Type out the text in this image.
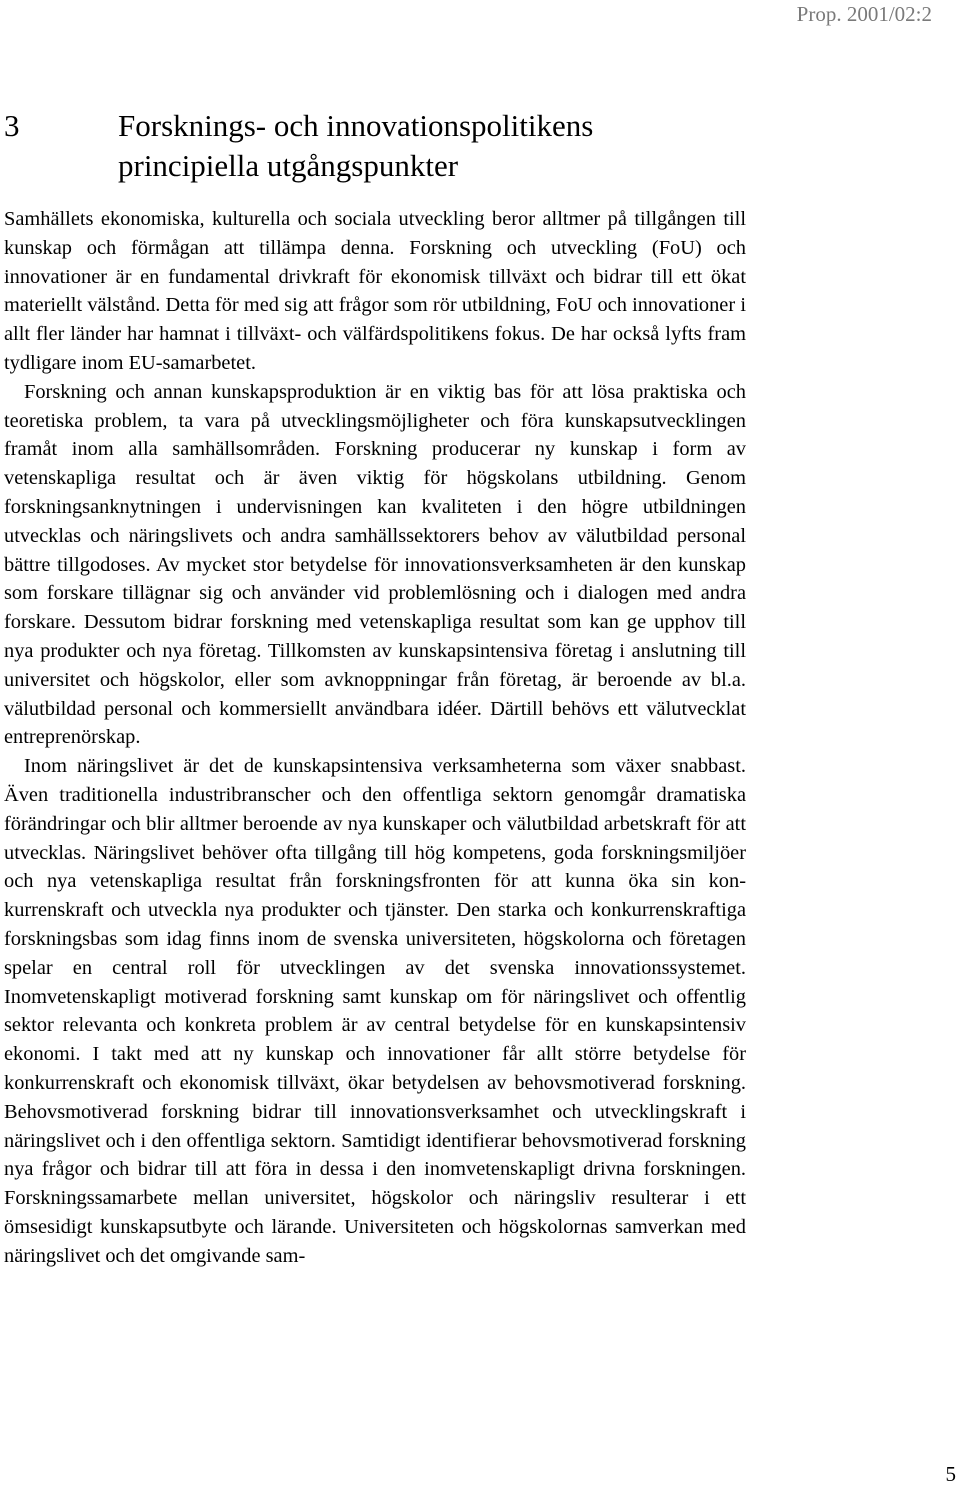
Prop. 2001/02:2
3	Forsknings- och innovationspolitikens
principiella utgångspunkter

Samhällets ekonomiska, kulturella och sociala utveckling beror alltmer på tillgången till kunskap och förmågan att tillämpa denna. Forskning och utveckling (FoU) och innovationer är en fundamental drivkraft för ekonomisk tillväxt och bidrar till ett ökat materiellt välstånd. Detta för med sig att frågor som rör utbildning, FoU och innovationer i allt fler länder har hamnat i tillväxt- och välfärdspolitikens fokus. De har också lyfts fram tydligare inom EU-samarbetet.

Forskning och annan kunskapsproduktion är en viktig bas för att lösa praktiska och teoretiska problem, ta vara på utvecklingsmöjligheter och föra kunskapsutvecklingen framåt inom alla samhällsområden. Forskning producerar ny kunskap i form av vetenskapliga resultat och är även viktig för högskolans utbildning. Genom forskningsanknytningen i undervisningen kan kvaliteten i den högre utbildningen utvecklas och näringslivets och andra samhällssektorers behov av välutbildad personal bättre tillgodoses. Av mycket stor betydelse för innovationsverksamheten är den kunskap som forskare tillägnar sig och använder vid problemlösning och i dialogen med andra forskare. Dessutom bidrar forskning med vetenskapliga resultat som kan ge upphov till nya produkter och nya företag. Tillkomsten av kunskapsintensiva företag i anslutning till universitet och högskolor, eller som avknoppningar från företag, är beroende av bl.a. välutbildad personal och kommersiellt användbara idéer. Därtill behövs ett välutvecklat entreprenörskap.

Inom näringslivet är det de kunskapsintensiva verksamheterna som växer snabbast. Även traditionella industribranscher och den offentliga sektorn genomgår dramatiska förändringar och blir alltmer beroende av nya kunskaper och välutbildad arbetskraft för att utvecklas. Näringslivet behöver ofta tillgång till hög kompetens, goda forskningsmiljöer och nya vetenskapliga resultat från forskningsfronten för att kunna öka sin konkurrenskraft och utveckla nya produkter och tjänster. Den starka och konkurrenskraftiga forskningsbas som idag finns inom de svenska universiteten, högskolorna och företagen spelar en central roll för utvecklingen av det svenska innovationssystemet. Inomvetenskapligt motiverad forskning samt kunskap om för näringslivet och offentlig sektor relevanta och konkreta problem är av central betydelse för en kunskapsintensiv ekonomi. I takt med att ny kunskap och innovationer får allt större betydelse för konkurrenskraft och ekonomisk tillväxt, ökar betydelsen av behovsmotiverad forskning. Behovsmotiverad forskning bidrar till innovationsverksamhet och utvecklingskraft i näringslivet och i den offentliga sektorn. Samtidigt identifierar behovsmotiverad forskning nya frågor och bidrar till att föra in dessa i den inomvetenskapligt drivna forskningen. Forskningssamarbete mellan universitet, högskolor och näringsliv resulterar i ett ömsesidigt kunskapsutbyte och lärande. Universiteten och högskolornas samverkan med näringslivet och det omgivande sam-

5
